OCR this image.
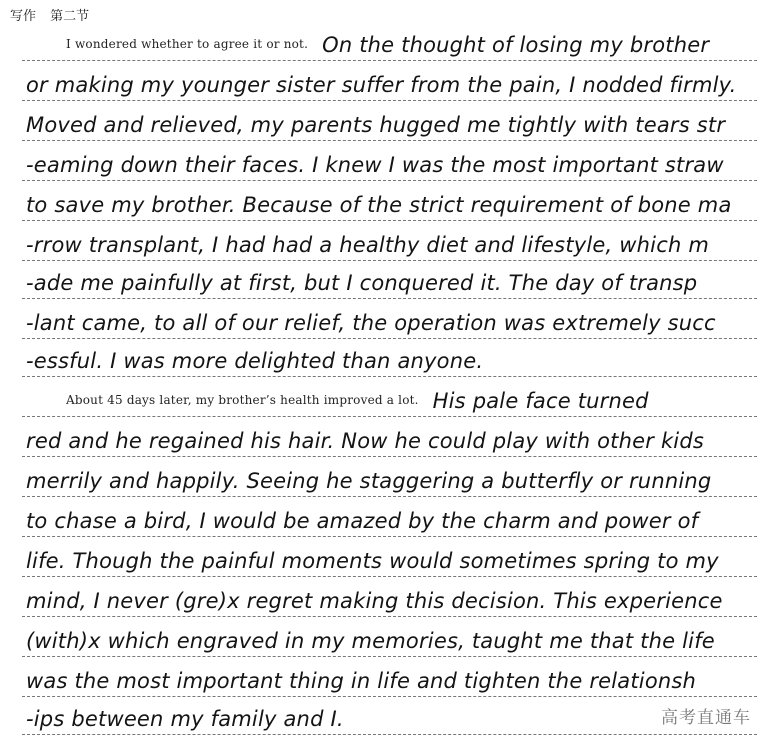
写作 第二节
I wondered whether to agree it or not. On the thought of losing my brother
or making my younger sister suffer from the pain, I nodded firmly.
Moved and relieved, my parents hugged me tightly with tears str
-eaming down their faces. I knew I was the most important straw
to save my brother. Because of the strict requirement of bone ma
-rrow transplant, I had had a healthy diet and lifestyle, which m
-ade me painfully at first, but I conquered it. The day of transp
-lant came, to all of our relief, the operation was extremely succ
-essful. I was more delighted than anyone.
About 45 days later, my brother’s health improved a lot. His pale face turned
red and he regained his hair. Now he could play with other kids
merrily and happily. Seeing he staggering a butterfly or running
to chase a bird, I would be amazed by the charm and power of
life. Though the painful moments would sometimes spring to my
mind, I never (gre)x regret making this decision. This experience
(with)x which engraved in my memories, taught me that the life
was the most important thing in life and tighten the relationsh
-ips between my family and I.	高考直通车
